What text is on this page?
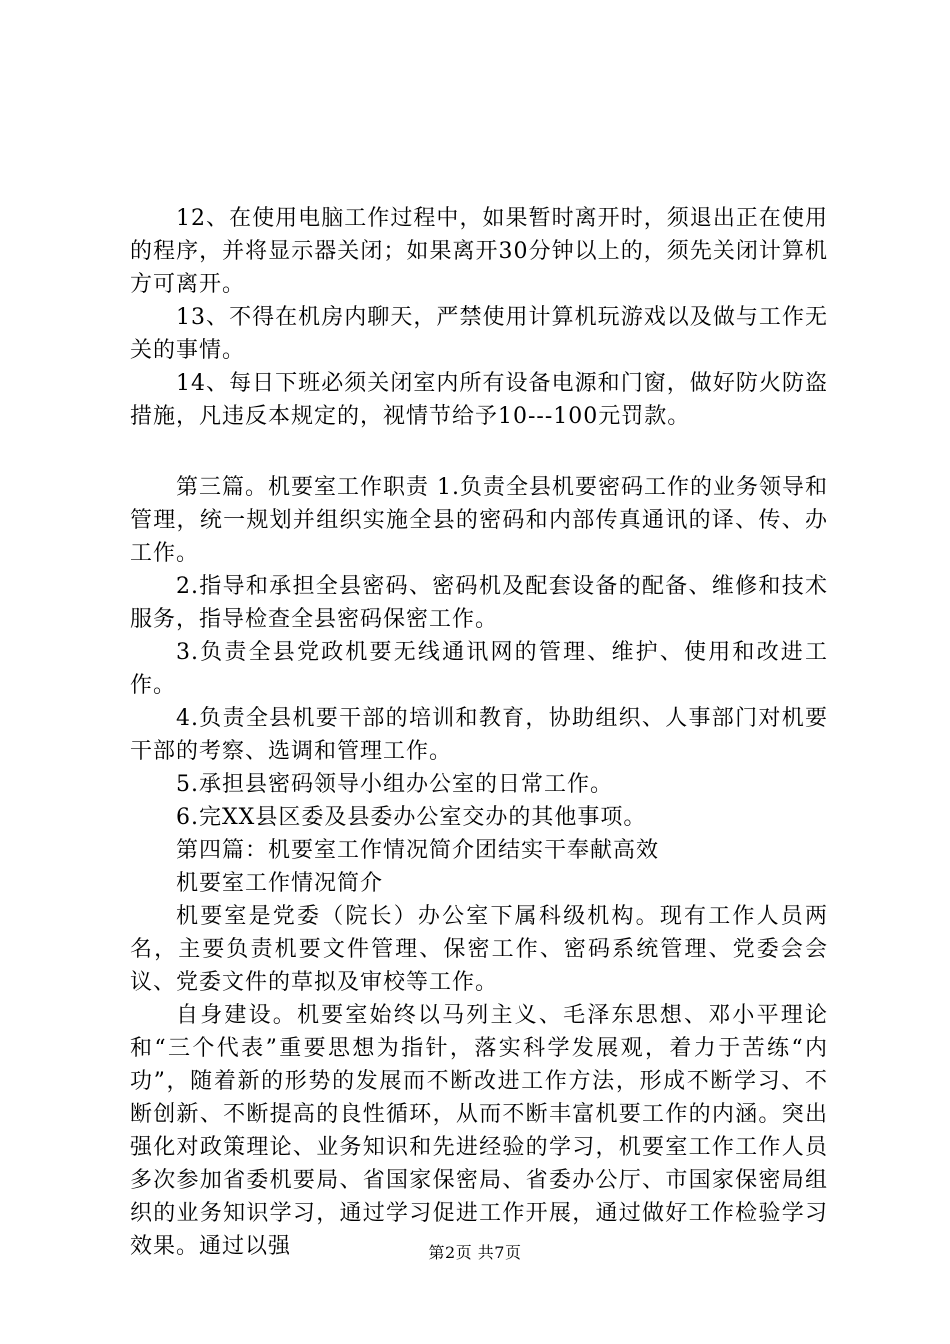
12、在使用电脑工作过程中，如果暂时离开时，须退出正在使用的程序，并将显示器关闭；如果离开30分钟以上的，须先关闭计算机方可离开。

13、不得在机房内聊天，严禁使用计算机玩游戏以及做与工作无关的事情。

14、每日下班必须关闭室内所有设备电源和门窗，做好防火防盗措施，凡违反本规定的，视情节给予10---100元罚款。

第三篇。机要室工作职责 1.负责全县机要密码工作的业务领导和管理，统一规划并组织实施全县的密码和内部传真通讯的译、传、办工作。

2.指导和承担全县密码、密码机及配套设备的配备、维修和技术服务，指导检查全县密码保密工作。

3.负责全县党政机要无线通讯网的管理、维护、使用和改进工作。

4.负责全县机要干部的培训和教育，协助组织、人事部门对机要干部的考察、选调和管理工作。

5.承担县密码领导小组办公室的日常工作。

6.完XX县区委及县委办公室交办的其他事项。

第四篇：机要室工作情况简介团结实干奉献高效

机要室工作情况简介

机要室是党委（院长）办公室下属科级机构。现有工作人员两名，主要负责机要文件管理、保密工作、密码系统管理、党委会会议、党委文件的草拟及审校等工作。

自身建设。机要室始终以马列主义、毛泽东思想、邓小平理论和“三个代表”重要思想为指针，落实科学发展观，着力于苦练“内功”，随着新的形势的发展而不断改进工作方法，形成不断学习、不断创新、不断提高的良性循环，从而不断丰富机要工作的内涵。突出强化对政策理论、业务知识和先进经验的学习，机要室工作工作人员多次参加省委机要局、省国家保密局、省委办公厅、市国家保密局组织的业务知识学习，通过学习促进工作开展，通过做好工作检验学习效果。通过以强	第2页 共7页
